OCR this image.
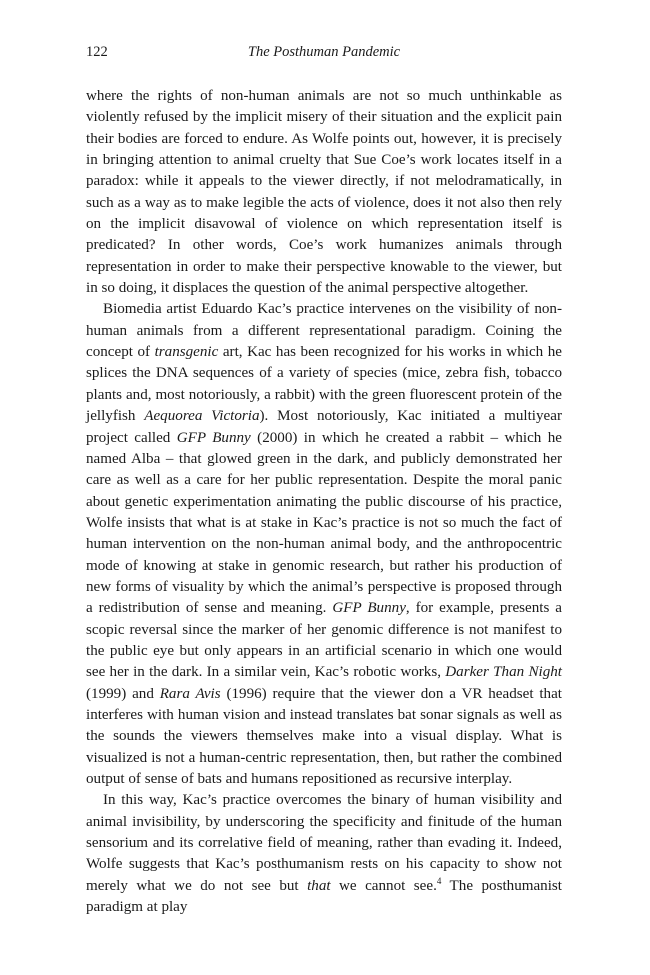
122	The Posthuman Pandemic

where the rights of non-human animals are not so much unthinkable as violently refused by the implicit misery of their situation and the explicit pain their bodies are forced to endure. As Wolfe points out, however, it is precisely in bringing attention to animal cruelty that Sue Coe’s work locates itself in a paradox: while it appeals to the viewer directly, if not melodramatically, in such as a way as to make legible the acts of violence, does it not also then rely on the implicit disavowal of violence on which representation itself is predicated? In other words, Coe’s work humanizes animals through representation in order to make their perspective knowable to the viewer, but in so doing, it displaces the question of the animal perspective altogether.

Biomedia artist Eduardo Kac’s practice intervenes on the visibility of non-human animals from a different representational paradigm. Coining the concept of transgenic art, Kac has been recognized for his works in which he splices the DNA sequences of a variety of species (mice, zebra fish, tobacco plants and, most notoriously, a rabbit) with the green fluorescent protein of the jellyfish Aequorea Victoria). Most notoriously, Kac initiated a multiyear project called GFP Bunny (2000) in which he created a rabbit – which he named Alba – that glowed green in the dark, and publicly demonstrated her care as well as a care for her public representation. Despite the moral panic about genetic experimentation animating the public discourse of his practice, Wolfe insists that what is at stake in Kac’s practice is not so much the fact of human intervention on the non-human animal body, and the anthropocentric mode of knowing at stake in genomic research, but rather his production of new forms of visuality by which the animal’s perspective is proposed through a redistribution of sense and meaning. GFP Bunny, for example, presents a scopic reversal since the marker of her genomic difference is not manifest to the public eye but only appears in an artificial scenario in which one would see her in the dark. In a similar vein, Kac’s robotic works, Darker Than Night (1999) and Rara Avis (1996) require that the viewer don a VR headset that interferes with human vision and instead translates bat sonar signals as well as the sounds the viewers themselves make into a visual display. What is visualized is not a human-centric representation, then, but rather the combined output of sense of bats and humans repositioned as recursive interplay.

In this way, Kac’s practice overcomes the binary of human visibility and animal invisibility, by underscoring the specificity and finitude of the human sensorium and its correlative field of meaning, rather than evading it. Indeed, Wolfe suggests that Kac’s posthumanism rests on his capacity to show not merely what we do not see but that we cannot see.$^4$ The posthumanist paradigm at play
